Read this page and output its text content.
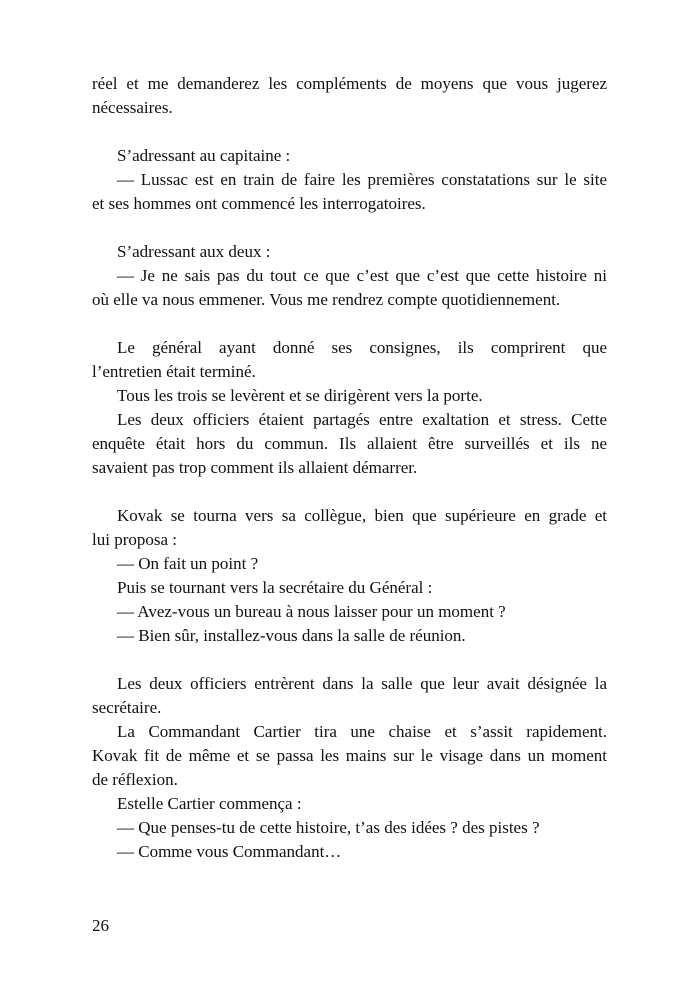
réel et me demanderez les compléments de moyens que vous jugerez

nécessaires.

S’adressant au capitaine :

— Lussac est en train de faire les premières constatations sur le site

et ses hommes ont commencé les interrogatoires.

S’adressant aux deux :

— Je ne sais pas du tout ce que c’est que c’est que cette histoire ni

où elle va nous emmener. Vous me rendrez compte quotidiennement.

Le général ayant donné ses consignes, ils comprirent que

l’entretien était terminé.

Tous les trois se levèrent et se dirigèrent vers la porte.

Les deux officiers étaient partagés entre exaltation et stress. Cette

enquête était hors du commun. Ils allaient être surveillés et ils ne

savaient pas trop comment ils allaient démarrer.

Kovak se tourna vers sa collègue, bien que supérieure en grade et

lui proposa :

— On fait un point ?

Puis se tournant vers la secrétaire du Général :

— Avez-vous un bureau à nous laisser pour un moment ?

— Bien sûr, installez-vous dans la salle de réunion.

Les deux officiers entrèrent dans la salle que leur avait désignée la

secrétaire.

La Commandant Cartier tira une chaise et s’assit rapidement.

Kovak fit de même et se passa les mains sur le visage dans un moment

de réflexion.

Estelle Cartier commença :

— Que penses-tu de cette histoire, t’as des idées ? des pistes ?

— Comme vous Commandant…

26
